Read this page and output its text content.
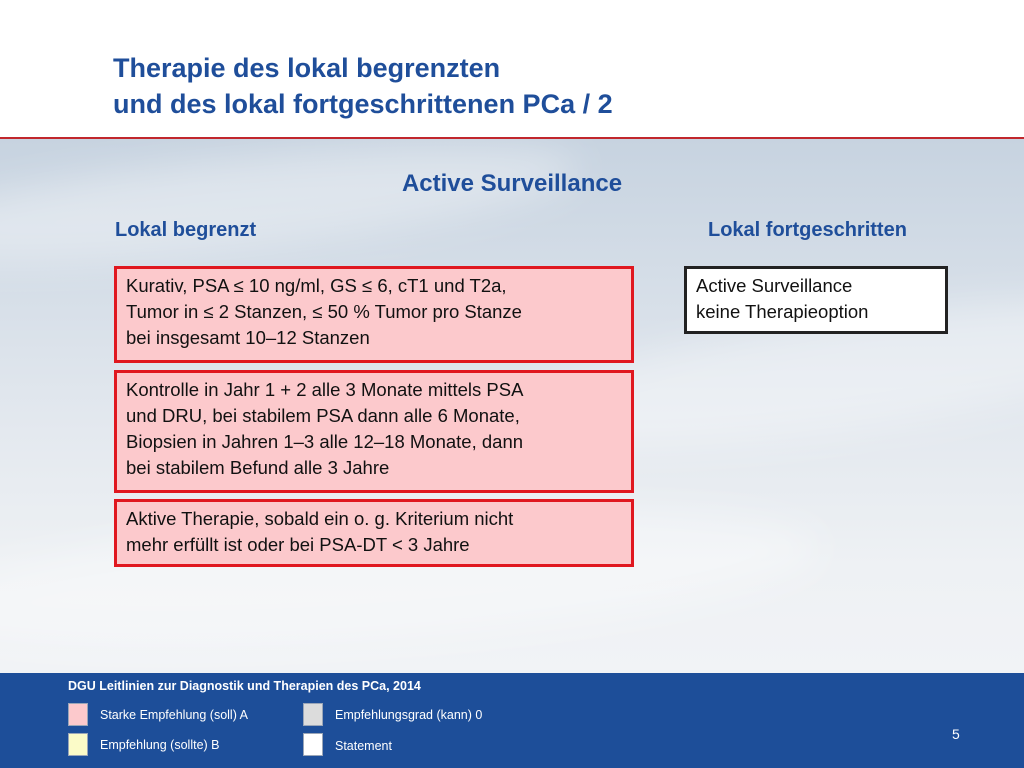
Therapie des lokal begrenzten
und des lokal fortgeschrittenen PCa / 2
Active Surveillance
Lokal begrenzt	Lokal fortgeschritten
Kurativ, PSA ≤ 10 ng/ml, GS ≤ 6, cT1 und T2a,
Tumor in ≤ 2 Stanzen, ≤ 50 % Tumor pro Stanze
bei insgesamt 10–12 Stanzen
Kontrolle in Jahr 1 + 2 alle 3 Monate mittels PSA
und DRU, bei stabilem PSA dann alle 6 Monate,
Biopsien in Jahren 1–3 alle 12–18 Monate, dann
bei stabilem Befund alle 3 Jahre
Aktive Therapie, sobald ein o. g. Kriterium nicht
mehr erfüllt ist oder bei PSA-DT < 3 Jahre
Active Surveillance
keine Therapieoption
DGU Leitlinien zur Diagnostik und Therapien des PCa, 2014
Starke Empfehlung (soll) A	Empfehlungsgrad (kann) 0
Empfehlung (sollte) B	Statement
5
